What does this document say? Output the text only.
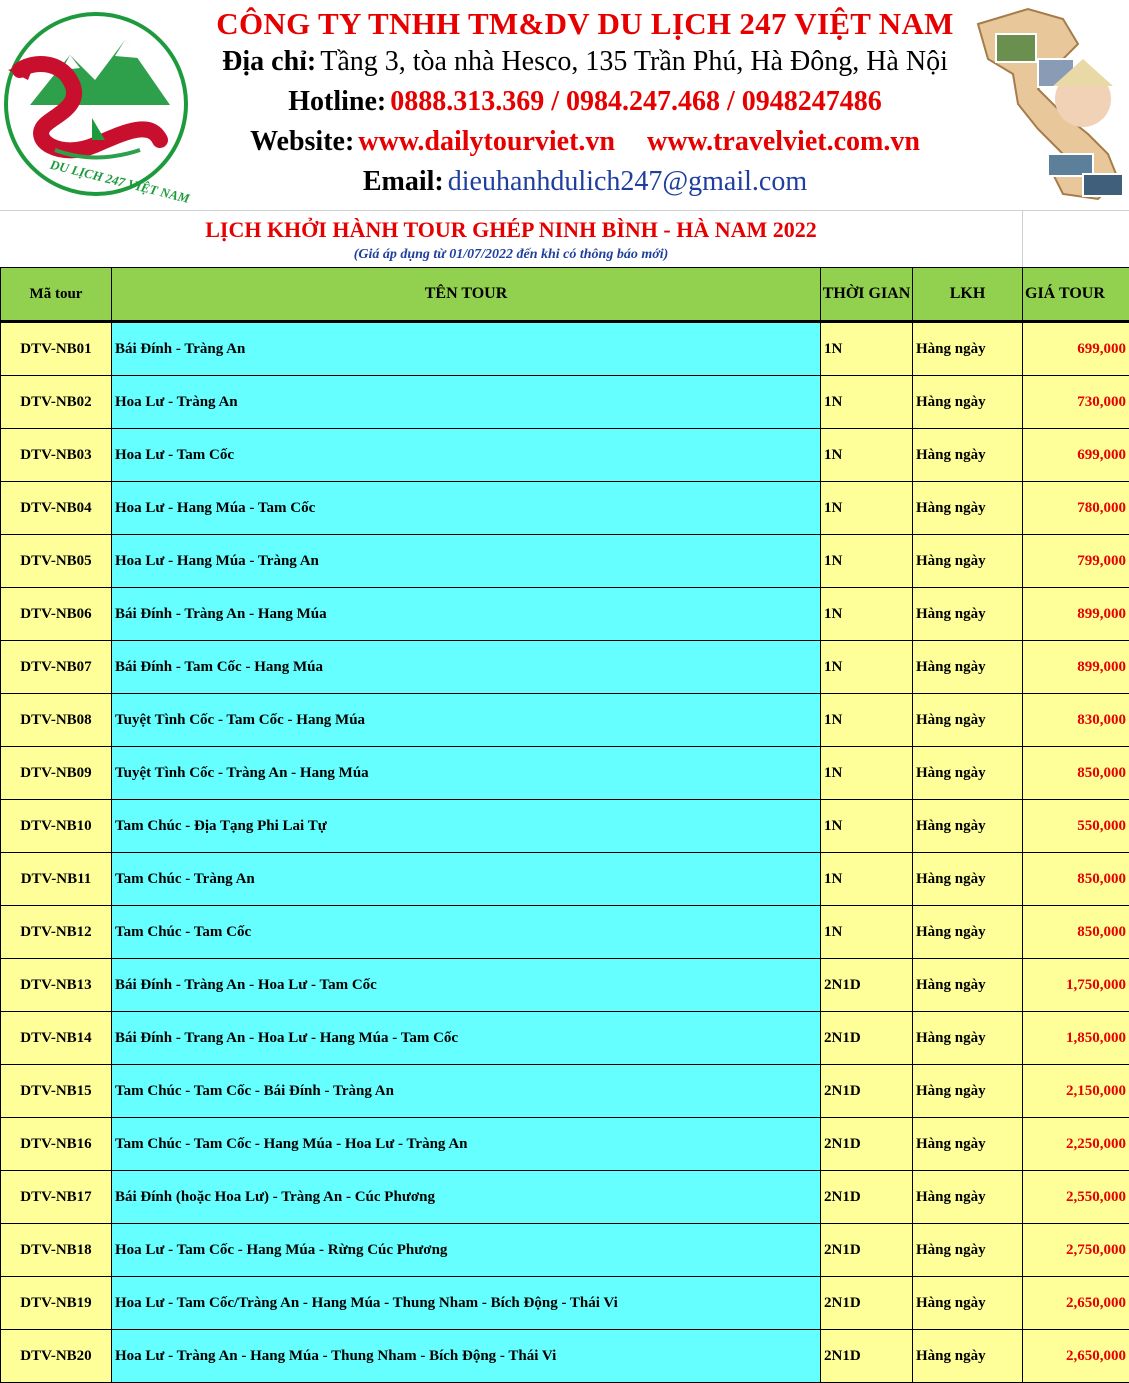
DU LỊCH 247 VIỆT NAM
CÔNG TY TNHH TM&DV DU LỊCH 247 VIỆT NAM
Địa chỉ: Tầng 3, tòa nhà Hesco, 135 Trần Phú, Hà Đông, Hà Nội
Hotline: 0888.313.369 / 0984.247.468 / 0948247486
Website: www.dailytourviet.vn www.travelviet.com.vn
Email: dieuhanhdulich247@gmail.com
LỊCH KHỞI HÀNH TOUR GHÉP NINH BÌNH - HÀ NAM 2022
(Giá áp dụng từ 01/07/2022 đến khi có thông báo mới)
Mã tour	TÊN TOUR	THỜI GIAN	LKH	GIÁ TOUR
DTV-NB01	Bái Đính - Tràng An	1N	Hàng ngày	699,000
DTV-NB02	Hoa Lư - Tràng An	1N	Hàng ngày	730,000
DTV-NB03	Hoa Lư - Tam Cốc	1N	Hàng ngày	699,000
DTV-NB04	Hoa Lư - Hang Múa - Tam Cốc	1N	Hàng ngày	780,000
DTV-NB05	Hoa Lư - Hang Múa - Tràng An	1N	Hàng ngày	799,000
DTV-NB06	Bái Đính - Tràng An - Hang Múa	1N	Hàng ngày	899,000
DTV-NB07	Bái Đính - Tam Cốc - Hang Múa	1N	Hàng ngày	899,000
DTV-NB08	Tuyệt Tình Cốc - Tam Cốc - Hang Múa	1N	Hàng ngày	830,000
DTV-NB09	Tuyệt Tình Cốc - Tràng An - Hang Múa	1N	Hàng ngày	850,000
DTV-NB10	Tam Chúc - Địa Tạng Phi Lai Tự	1N	Hàng ngày	550,000
DTV-NB11	Tam Chúc - Tràng An	1N	Hàng ngày	850,000
DTV-NB12	Tam Chúc - Tam Cốc	1N	Hàng ngày	850,000
DTV-NB13	Bái Đính - Tràng An - Hoa Lư - Tam Cốc	2N1D	Hàng ngày	1,750,000
DTV-NB14	Bái Đính - Trang An - Hoa Lư - Hang Múa - Tam Cốc	2N1D	Hàng ngày	1,850,000
DTV-NB15	Tam Chúc - Tam Cốc - Bái Đính - Tràng An	2N1D	Hàng ngày	2,150,000
DTV-NB16	Tam Chúc - Tam Cốc - Hang Múa - Hoa Lư - Tràng An	2N1D	Hàng ngày	2,250,000
DTV-NB17	Bái Đính (hoặc Hoa Lư) - Tràng An - Cúc Phương	2N1D	Hàng ngày	2,550,000
DTV-NB18	Hoa Lư - Tam Cốc - Hang Múa - Rừng Cúc Phương	2N1D	Hàng ngày	2,750,000
DTV-NB19	Hoa Lư - Tam Cốc/Tràng An - Hang Múa - Thung Nham - Bích Động - Thái Vi	2N1D	Hàng ngày	2,650,000
DTV-NB20	Hoa Lư - Tràng An - Hang Múa - Thung Nham - Bích Động - Thái Vi	2N1D	Hàng ngày	2,650,000
